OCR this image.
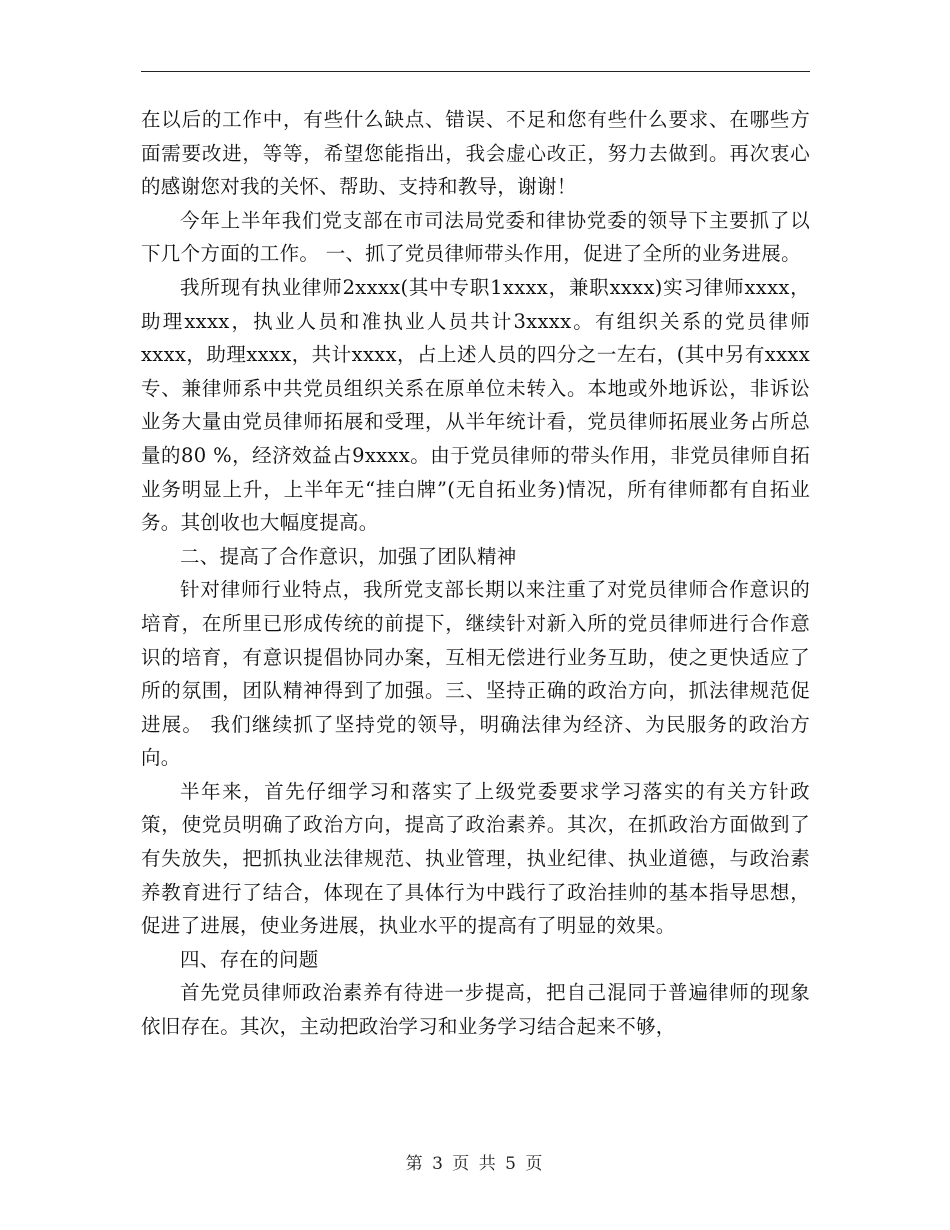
在以后的工作中，有些什么缺点、错误、不足和您有些什么要求、在哪些方面需要改进，等等，希望您能指出，我会虚心改正，努力去做到。再次衷心的感谢您对我的关怀、帮助、支持和教导，谢谢！

今年上半年我们党支部在市司法局党委和律协党委的领导下主要抓了以下几个方面的工作。 一、抓了党员律师带头作用，促进了全所的业务进展。

我所现有执业律师2xxxx(其中专职1xxxx，兼职xxxx)实习律师xxxx，助理xxxx，执业人员和准执业人员共计3xxxx。有组织关系的党员律师xxxx，助理xxxx，共计xxxx，占上述人员的四分之一左右，(其中另有xxxx专、兼律师系中共党员组织关系在原单位未转入。本地或外地诉讼，非诉讼业务大量由党员律师拓展和受理，从半年统计看，党员律师拓展业务占所总量的80 %，经济效益占9xxxx。由于党员律师的带头作用，非党员律师自拓业务明显上升，上半年无“挂白牌”(无自拓业务)情况，所有律师都有自拓业务。其创收也大幅度提高。

二、提高了合作意识，加强了团队精神

针对律师行业特点，我所党支部长期以来注重了对党员律师合作意识的培育，在所里已形成传统的前提下，继续针对新入所的党员律师进行合作意识的培育，有意识提倡协同办案，互相无偿进行业务互助，使之更快适应了所的氛围，团队精神得到了加强。三、坚持正确的政治方向，抓法律规范促进展。 我们继续抓了坚持党的领导，明确法律为经济、为民服务的政治方向。

半年来，首先仔细学习和落实了上级党委要求学习落实的有关方针政策，使党员明确了政治方向，提高了政治素养。其次，在抓政治方面做到了有失放失，把抓执业法律规范、执业管理，执业纪律、执业道德，与政治素养教育进行了结合，体现在了具体行为中践行了政治挂帅的基本指导思想，促进了进展，使业务进展，执业水平的提高有了明显的效果。

四、存在的问题

首先党员律师政治素养有待进一步提高，把自己混同于普遍律师的现象依旧存在。其次，主动把政治学习和业务学习结合起来不够，

第 3 页 共 5 页
